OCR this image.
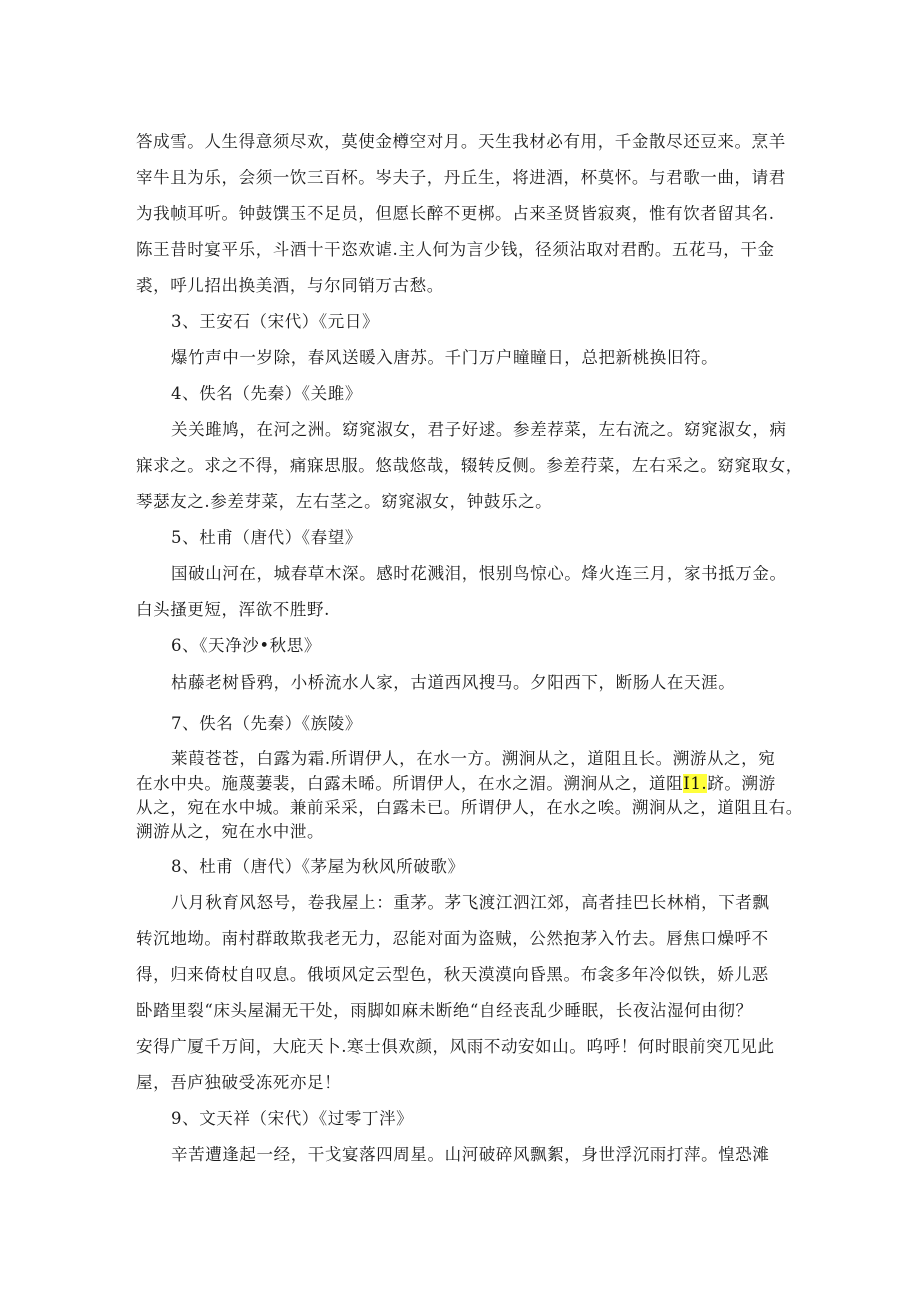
答成雪。人生得意须尽欢，莫使金樽空对月。天生我材必有用，千金散尽还豆来。烹羊
宰牛且为乐，会须一饮三百杯。岑夫子，丹丘生，将进酒，杯莫怀。与君歌一曲，请君
为我帧耳听。钟鼓馔玉不足员，但愿长醉不更梆。占来圣贤皆寂爽，惟有饮者留其名.
陈王昔时宴平乐，斗酒十干恣欢谑.主人何为言少钱，径须沾取对君酌。五花马，干金
裘，呼儿招出换美酒，与尔同销万古愁。
3、王安石（宋代）《元日》
爆竹声中一岁除，春风送暖入唐苏。千门万户瞳瞳日，总把新桃换旧符。
4、佚名（先秦）《关雎》
关关雎鸠，在河之洲。窈窕淑女，君子好逑。参差荐菜，左右流之。窈窕淑女，病
寐求之。求之不得，痛寐思服。悠哉悠哉，辍转反侧。参差荇菜，左右采之。窈窕取女，
琴瑟友之.参差芽菜，左右茎之。窈窕淑女，钟鼓乐之。
5、杜甫（唐代）《春望》
国破山河在，城春草木深。感时花溅泪，恨别鸟惊心。烽火连三月，家书抵万金。
白头搔更短，浑欲不胜野.
6、《天净沙•秋思》
枯藤老树昏鸦，小桥流水人家，古道西风搜马。夕阳西下，断肠人在天涯。
7、佚名（先秦）《族陵》
莱葭苍苍，白露为霜.所谓伊人，在水一方。溯涧从之，道阻且长。溯游从之，宛
在水中央。施蔑萋裴，白露未晞。所谓伊人，在水之湄。溯涧从之，道阻I1.跻。溯游
从之，宛在水中城。兼前采采，白露未已。所谓伊人，在水之唉。溯涧从之，道阻且右。
溯游从之，宛在水中泄。
8、杜甫（唐代）《茅屋为秋风所破歌》
八月秋育风怒号，卷我屋上：重茅。茅飞渡江泗江郊，高者挂巴长林梢，下者飘
转沉地坳。南村群敢欺我老无力，忍能对面为盗贼，公然抱茅入竹去。唇焦口燥呼不
得，归来倚杖自叹息。俄顷风定云型色，秋天漠漠向昏黑。布衾多年冷似铁，娇儿恶
卧踏里裂“床头屋漏无干处，雨脚如麻未断绝“自经丧乱少睡眠，长夜沾湿何由彻？
安得广厦千万间，大庇天卜.寒士俱欢颜，风雨不动安如山。呜呼！何时眼前突兀见此
屋，吾庐独破受冻死亦足！
9、文天祥（宋代）《过零丁泮》
辛苦遭逢起一经，干戈宴落四周星。山河破碎风飘絮，身世浮沉雨打萍。惶恐滩
